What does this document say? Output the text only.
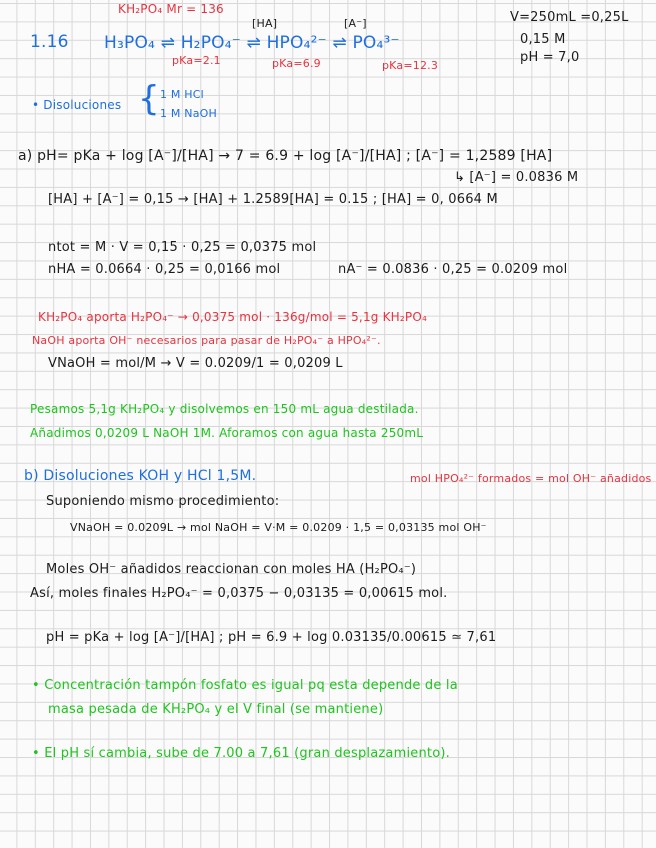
KH₂PO₄ Mr = 136
1.16
[HA]	[A⁻]
H₃PO₄ ⇌ H₂PO₄⁻ ⇌ HPO₄²⁻ ⇌ PO₄³⁻
pKa=2.1	pKa=6.9	pKa=12.3
V=250mL =0,25L
0,15 M
pH = 7,0
• Disoluciones { 1 M HCl
1 M NaOH
a) pH= pKa + log [A⁻]/[HA] → 7 = 6.9 + log [A⁻]/[HA] ; [A⁻] = 1,2589 [HA]
↳ [A⁻] = 0.0836 M
[HA] + [A⁻] = 0,15 → [HA] + 1.2589[HA] = 0.15 ; [HA] = 0, 0664 M
ntot = M · V = 0,15 · 0,25 = 0,0375 mol
nHA = 0.0664 · 0,25 = 0,0166 mol	nA⁻ = 0.0836 · 0,25 = 0.0209 mol
KH₂PO₄ aporta H₂PO₄⁻ → 0,0375 mol · 136g/mol = 5,1g KH₂PO₄
NaOH aporta OH⁻ necesarios para pasar de H₂PO₄⁻ a HPO₄²⁻.
VNaOH = mol/M → V = 0.0209/1 = 0,0209 L
Pesamos 5,1g KH₂PO₄ y disolvemos en 150 mL agua destilada.
Añadimos 0,0209 L NaOH 1M. Aforamos con agua hasta 250mL
b) Disoluciones KOH y HCl 1,5M.	mol HPO₄²⁻ formados = mol OH⁻ añadidos
Suponiendo mismo procedimiento:
VNaOH = 0.0209L → mol NaOH = V·M = 0.0209 · 1,5 = 0,03135 mol OH⁻
Moles OH⁻ añadidos reaccionan con moles HA (H₂PO₄⁻)
Así, moles finales H₂PO₄⁻ = 0,0375 − 0,03135 = 0,00615 mol.
pH = pKa + log [A⁻]/[HA] ; pH = 6.9 + log 0.03135/0.00615 ≃ 7,61
• Concentración tampón fosfato es igual pq esta depende de la
masa pesada de KH₂PO₄ y el V final (se mantiene)
• El pH sí cambia, sube de 7.00 a 7,61 (gran desplazamiento).
